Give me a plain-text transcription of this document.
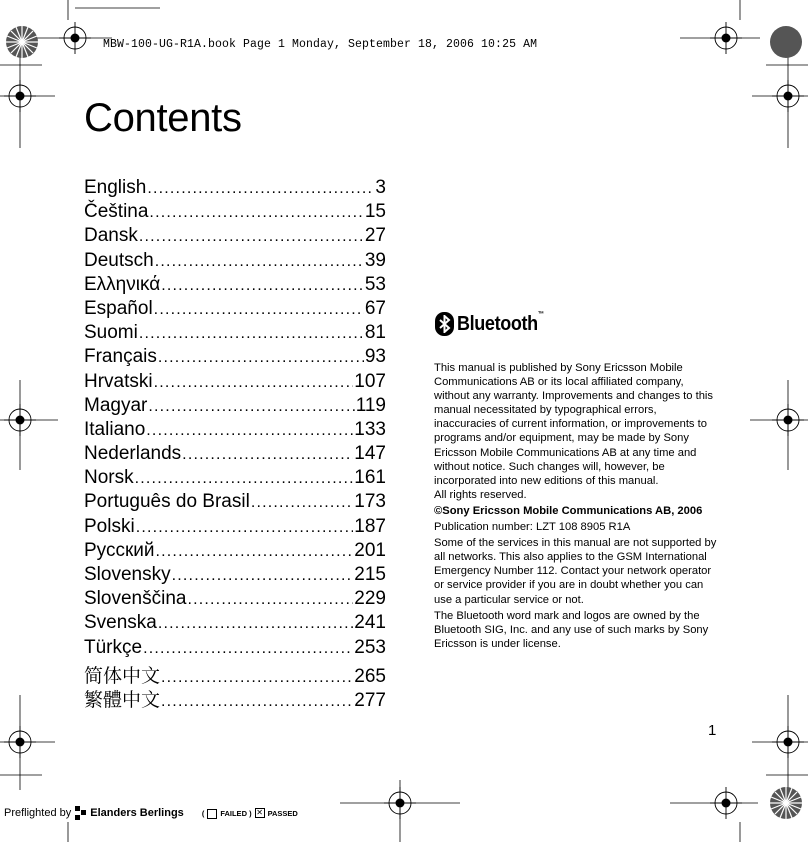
MBW-100-UG-R1A.book Page 1 Monday, September 18, 2006 10:25 AM
Contents
English .....	3
Čeština .....	15
Dansk .....	27
Deutsch .....	39
Ελληνικά .....	53
Español .....	67
Suomi .....	81
Français .....	93
Hrvatski .....	107
Magyar .....	119
Italiano .....	133
Nederlands .....	147
Norsk .....	161
Português do Brasil .....	173
Polski .....	187
Русский .....	201
Slovensky .....	215
Slovenščina .....	229
Svenska .....	241
Türkçe .....	253
简体中文 .....	265
繁體中文 .....	277
Bluetooth™

This manual is published by Sony Ericsson Mobile Communications AB or its local affiliated company, without any warranty. Improvements and changes to this manual necessitated by typographical errors, inaccuracies of current information, or improvements to programs and/or equipment, may be made by Sony Ericsson Mobile Communications AB at any time and without notice. Such changes will, however, be incorporated into new editions of this manual.
All rights reserved.

©Sony Ericsson Mobile Communications AB, 2006

Publication number: LZT 108 8905 R1A

Some of the services in this manual are not supported by all networks. This also applies to the GSM International Emergency Number 112. Contact your network operator or service provider if you are in doubt whether you can use a particular service or not.

The Bluetooth word mark and logos are owned by the Bluetooth SIG, Inc. and any use of such marks by Sony Ericsson is under license.

1
Preflighted by Elanders Berlings ( FAILED ) ✕ PASSED
